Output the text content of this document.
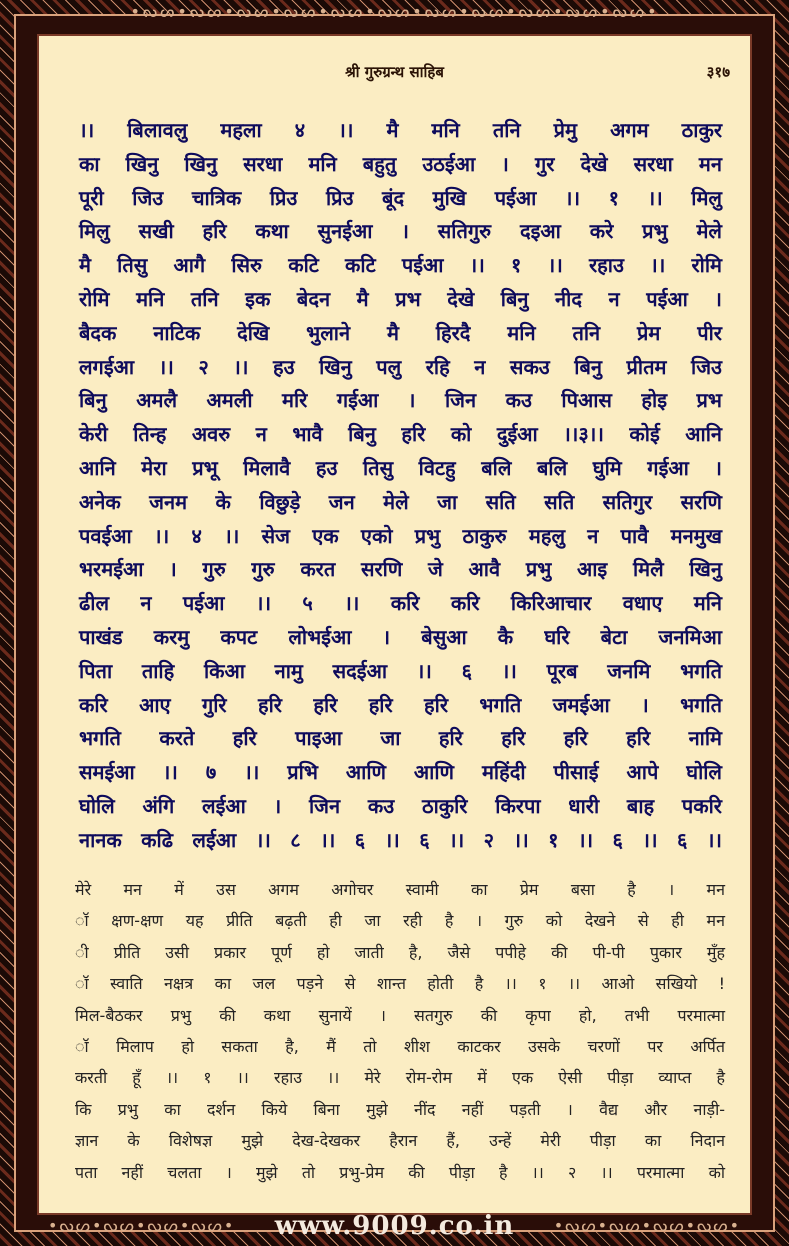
•ᔓᔕ•ᔓᔕ•ᔓᔕ•ᔓᔕ•ᔓᔕ•ᔓᔕ•ᔓᔕ•ᔓᔕ•ᔓᔕ•ᔓᔕ•ᔓᔕ•
श्री गुरुग्रन्थ साहिब	३१७
।। बिलावलु महला ४ ।। मै मनि तनि प्रेमु अगम ठाकुर
का खिनु खिनु सरधा मनि बहुतु उठईआ । गुर देखे सरधा मन
पूरी जिउ चात्रिक प्रिउ प्रिउ बूंद मुखि पईआ ।। १ ।। मिलु
मिलु सखी हरि कथा सुनईआ । सतिगुरु दइआ करे प्रभु मेले
मै तिसु आगै सिरु कटि कटि पईआ ।। १ ।। रहाउ ।। रोमि
रोमि मनि तनि इक बेदन मै प्रभ देखे बिनु नीद न पईआ ।
बैदक नाटिक देखि भुलाने मै हिरदै मनि तनि प्रेम पीर
लगईआ ।। २ ।। हउ खिनु पलु रहि न सकउ बिनु प्रीतम जिउ
बिनु अमलै अमली मरि गईआ । जिन कउ पिआस होइ प्रभ
केरी तिन्ह अवरु न भावै बिनु हरि को दुईआ ।।३।। कोई आनि
आनि मेरा प्रभू मिलावै हउ तिसु विटहु बलि बलि घुमि गईआ ।
अनेक जनम के विछुड़े जन मेले जा सति सति सतिगुर सरणि
पवईआ ।। ४ ।। सेज एक एको प्रभु ठाकुरु महलु न पावै मनमुख
भरमईआ । गुरु गुरु करत सरणि जे आवै प्रभु आइ मिलै खिनु
ढील न पईआ ।। ५ ।। करि करि किरिआचार वधाए मनि
पाखंड करमु कपट लोभईआ । बेसुआ कै घरि बेटा जनमिआ
पिता ताहि किआ नामु सदईआ ।। ६ ।। पूरब जनमि भगति
करि आए गुरि हरि हरि हरि हरि भगति जमईआ । भगति
भगति करते हरि पाइआ जा हरि हरि हरि हरि नामि
समईआ ।। ७ ।। प्रभि आणि आणि महिंदी पीसाई आपे घोलि
घोलि अंगि लईआ । जिन कउ ठाकुरि किरपा धारी बाह पकरि
नानक कढि लईआ ।। ८ ।। ६ ।। ६ ।। २ ।। १ ।। ६ ।। ६ ।।
मेरे मन में उस अगम अगोचर स्वामी का प्रेम बसा है । मन
ॉ क्षण-क्षण यह प्रीति बढ़ती ही जा रही है । गुरु को देखने से ही मन
ी प्रीति उसी प्रकार पूर्ण हो जाती है, जैसे पपीहे की पी-पी पुकार मुँह
ॉ स्वाति नक्षत्र का जल पड़ने से शान्त होती है ।। १ ।। आओ सखियो !
मिल-बैठकर प्रभु की कथा सुनायें । सतगुरु की कृपा हो, तभी परमात्मा
ॉ मिलाप हो सकता है, मैं तो शीश काटकर उसके चरणों पर अर्पित
करती हूँ ।। १ ।। रहाउ ।। मेरे रोम-रोम में एक ऐसी पीड़ा व्याप्त है
कि प्रभु का दर्शन किये बिना मुझे नींद नहीं पड़ती । वैद्य और नाड़ी-
ज्ञान के विशेषज्ञ मुझे देख-देखकर हैरान हैं, उन्हें मेरी पीड़ा का निदान
पता नहीं चलता । मुझे तो प्रभु-प्रेम की पीड़ा है ।। २ ।। परमात्मा को
•ᔓᔕ•ᔓᔕ•ᔓᔕ•ᔓᔕ•	www.9009.co.in	•ᔓᔕ•ᔓᔕ•ᔓᔕ•ᔓᔕ•
